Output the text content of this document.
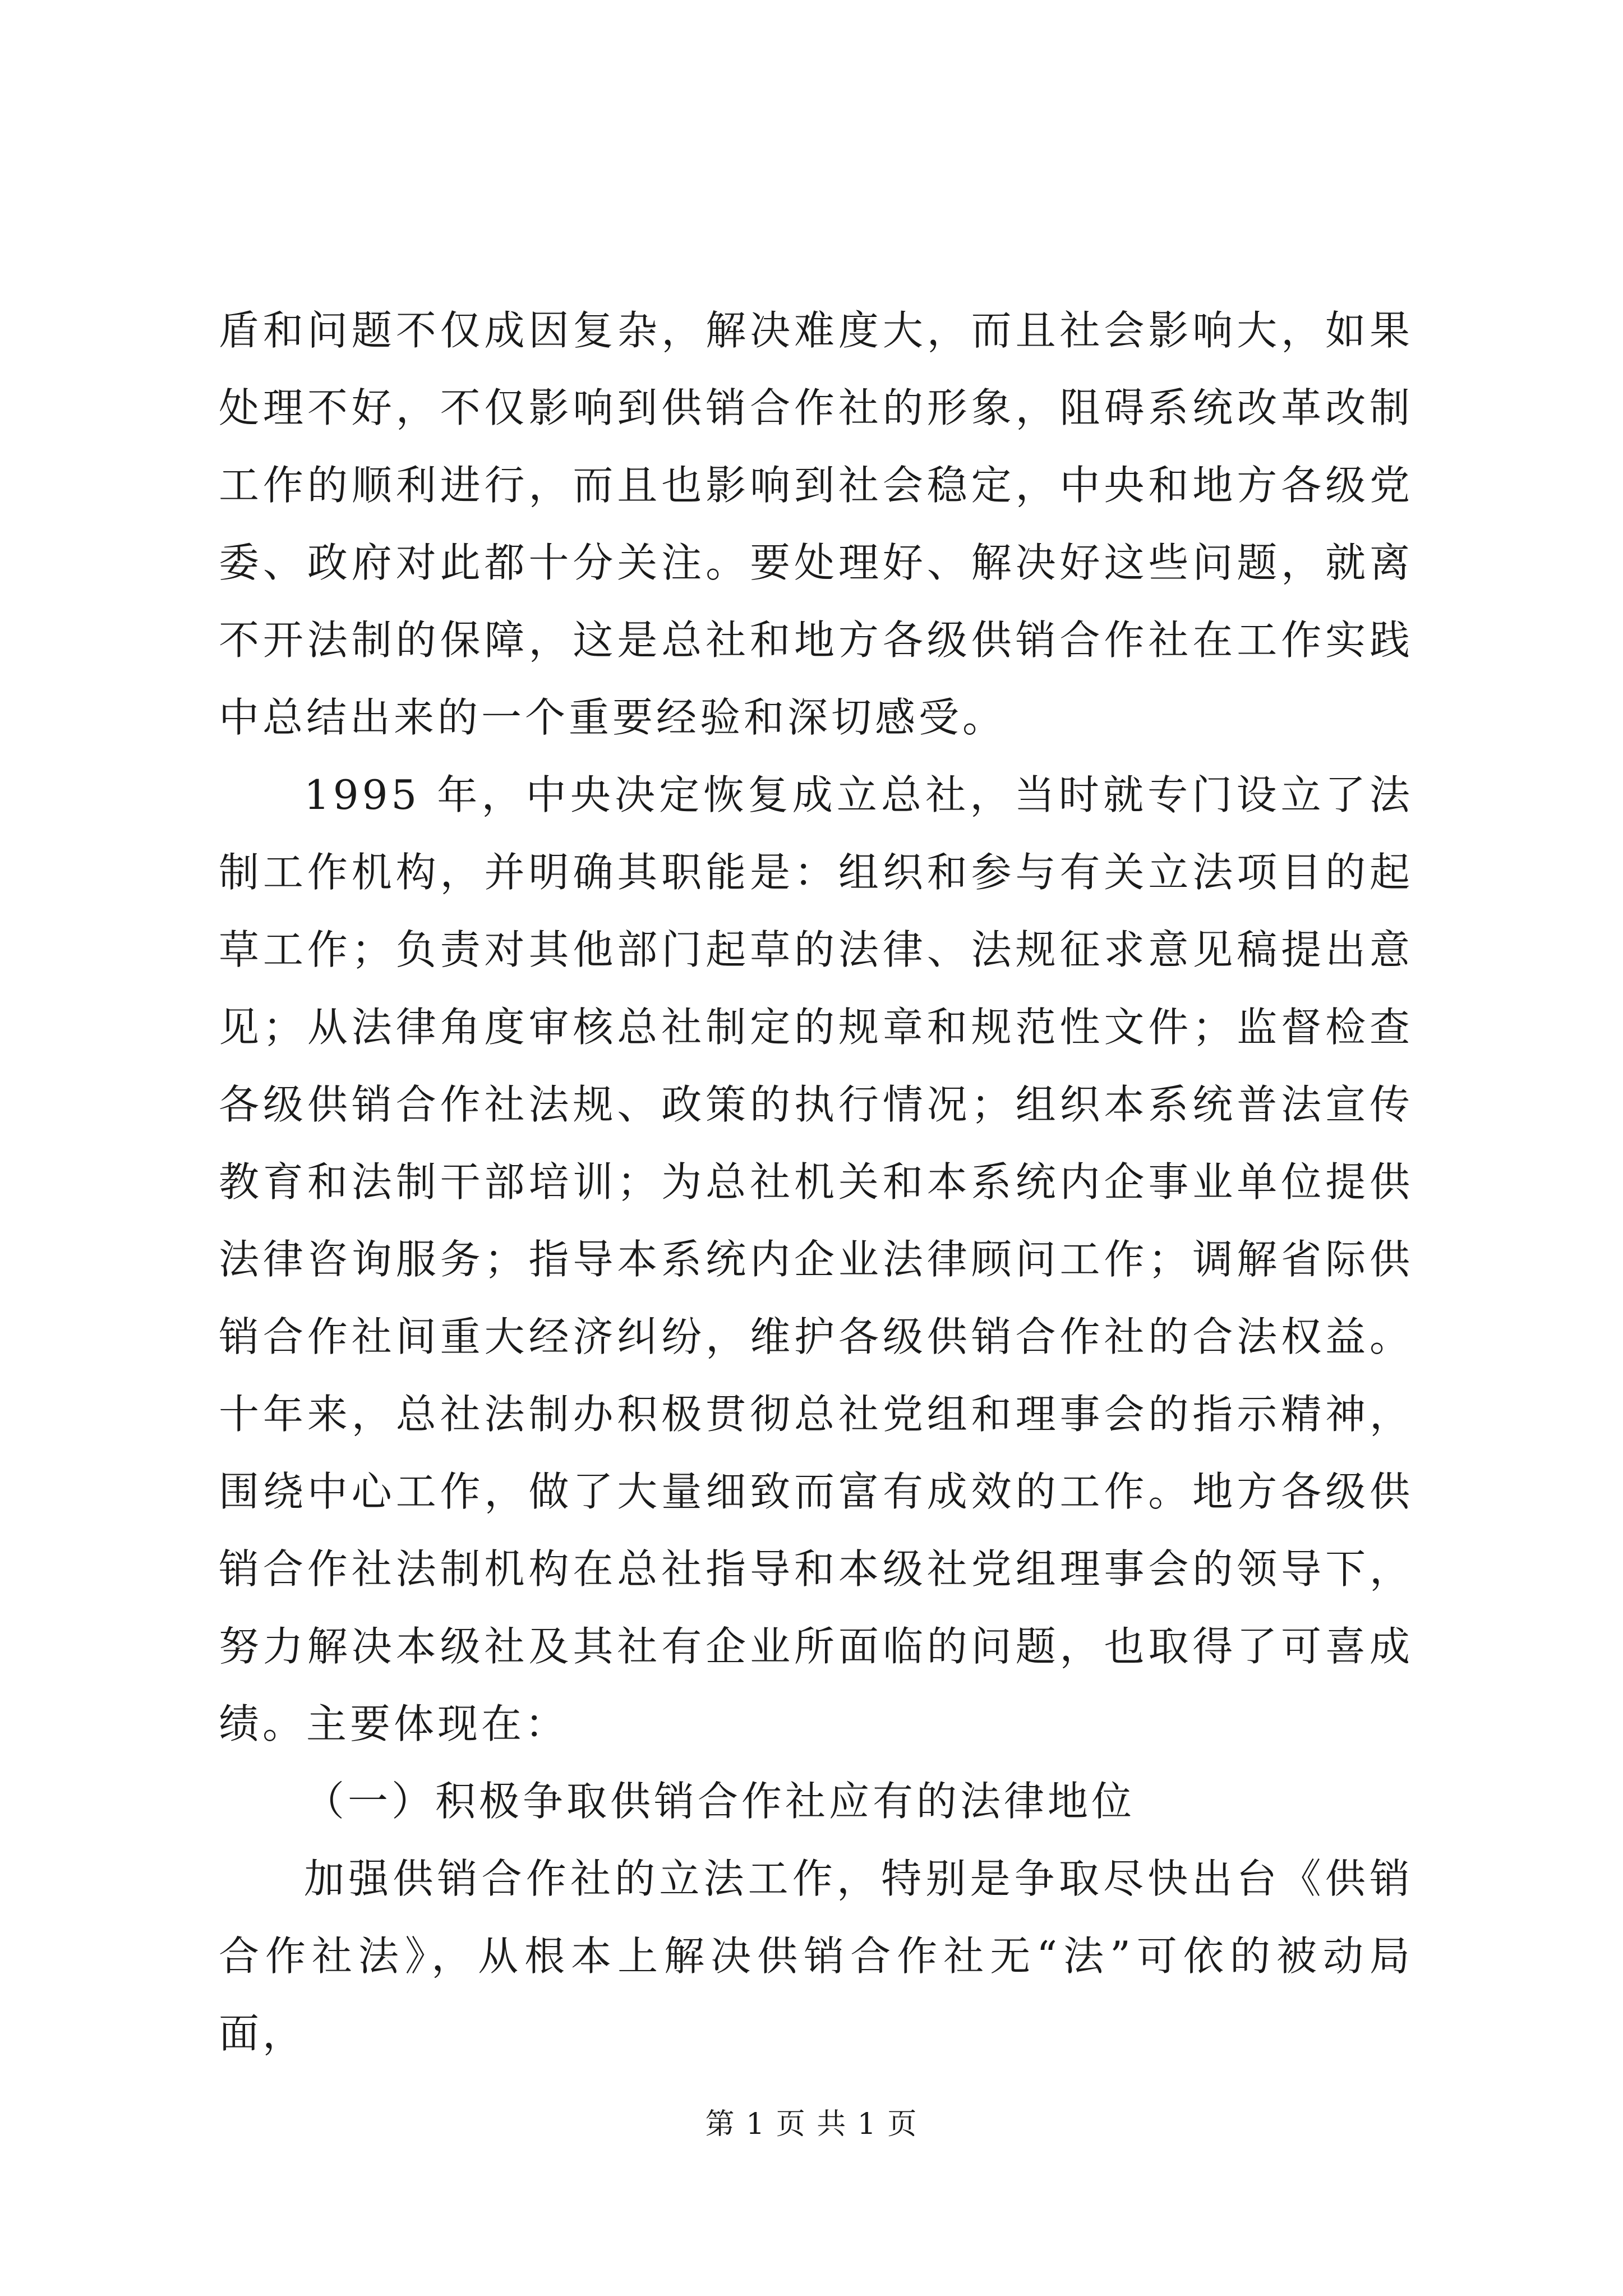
盾和问题不仅成因复杂，解决难度大，而且社会影响大，如果处理不好，不仅影响到供销合作社的形象，阻碍系统改革改制工作的顺利进行，而且也影响到社会稳定，中央和地方各级党委、政府对此都十分关注。要处理好、解决好这些问题，就离不开法制的保障，这是总社和地方各级供销合作社在工作实践中总结出来的一个重要经验和深切感受。

1995 年，中央决定恢复成立总社，当时就专门设立了法制工作机构，并明确其职能是：组织和参与有关立法项目的起草工作；负责对其他部门起草的法律、法规征求意见稿提出意见；从法律角度审核总社制定的规章和规范性文件；监督检查各级供销合作社法规、政策的执行情况；组织本系统普法宣传教育和法制干部培训；为总社机关和本系统内企事业单位提供法律咨询服务；指导本系统内企业法律顾问工作；调解省际供销合作社间重大经济纠纷，维护各级供销合作社的合法权益。十年来，总社法制办积极贯彻总社党组和理事会的指示精神，围绕中心工作，做了大量细致而富有成效的工作。地方各级供销合作社法制机构在总社指导和本级社党组理事会的领导下，努力解决本级社及其社有企业所面临的问题，也取得了可喜成绩。主要体现在：

（一）积极争取供销合作社应有的法律地位

加强供销合作社的立法工作，特别是争取尽快出台《供销合作社法》，从根本上解决供销合作社无“法”可依的被动局面，

第 1 页 共 1 页
